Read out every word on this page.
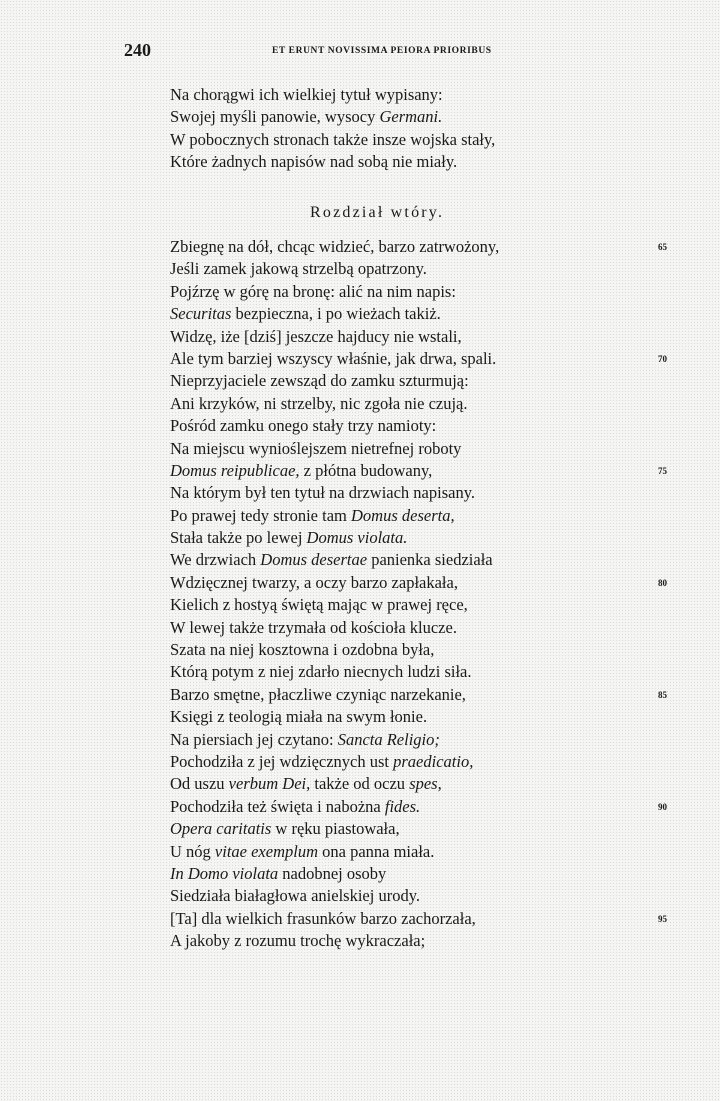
240	ET ERUNT NOVISSIMA PEIORA PRIORIBUS
Na chorągwi ich wielkiej tytuł wypisany:
Swojej myśli panowie, wysocy Germani.
W pobocznych stronach także insze wojska stały,
Które żadnych napisów nad sobą nie miały.
Rozdział wtóry.
Zbiegnę na dół, chcąc widzieć, barzo zatrwożony,	65
Jeśli zamek jakową strzelbą opatrzony.
Pojźrzę w górę na bronę: alić na nim napis:
Securitas bezpieczna, i po wieżach takiż.
Widzę, iże [dziś] jeszcze hajducy nie wstali,
Ale tym barziej wszyscy właśnie, jak drwa, spali.	70
Nieprzyjaciele zewsząd do zamku szturmują:
Ani krzyków, ni strzelby, nic zgoła nie czują.
Pośród zamku onego stały trzy namioty:
Na miejscu wynioślejszem nietrefnej roboty
Domus reipublicae, z płótna budowany,	75
Na którym był ten tytuł na drzwiach napisany.
Po prawej tedy stronie tam Domus deserta,
Stała także po lewej Domus violata.
We drzwiach Domus desertae panienka siedziała
Wdzięcznej twarzy, a oczy barzo zapłakała,	80
Kielich z hostyą świętą mając w prawej ręce,
W lewej także trzymała od kościoła klucze.
Szata na niej kosztowna i ozdobna była,
Którą potym z niej zdarło niecnych ludzi siła.
Barzo smętne, płaczliwe czyniąc narzekanie,	85
Księgi z teologią miała na swym łonie.
Na piersiach jej czytano: Sancta Religio;
Pochodziła z jej wdzięcznych ust praedicatio,
Od uszu verbum Dei, także od oczu spes,
Pochodziła też święta i nabożna fides.	90
Opera caritatis w ręku piastowała,
U nóg vitae exemplum ona panna miała.
In Domo violata nadobnej osoby
Siedziała białagłowa anielskiej urody.
[Ta] dla wielkich frasunków barzo zachorzała,	95
A jakoby z rozumu trochę wykraczała;
